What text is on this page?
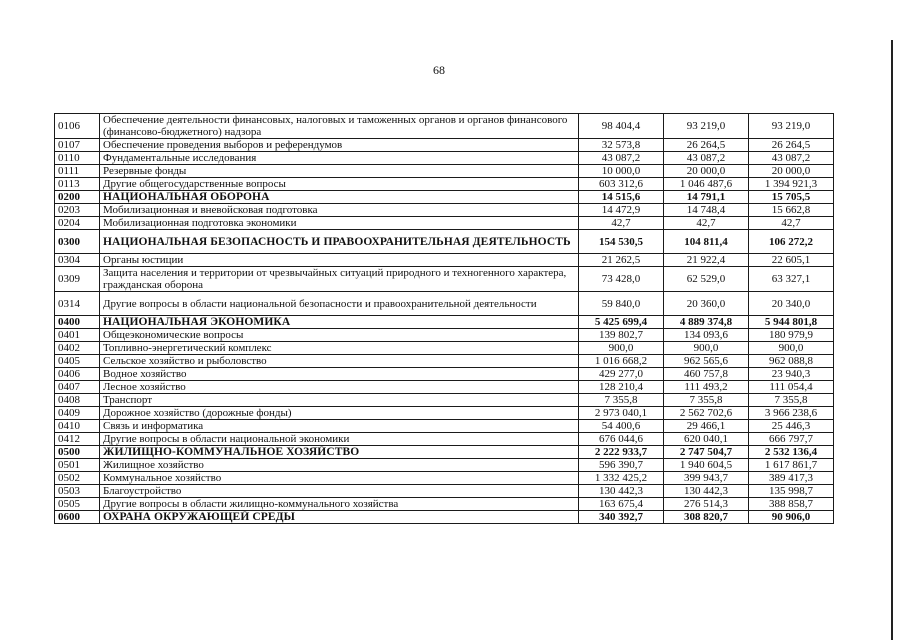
68
0106	Обеспечение деятельности финансовых, налоговых и таможенных органов и органов финансового (финансово-бюджетного) надзора	98 404,4	93 219,0	93 219,0
0107	Обеспечение проведения выборов и референдумов	32 573,8	26 264,5	26 264,5
0110	Фундаментальные исследования	43 087,2	43 087,2	43 087,2
0111	Резервные фонды	10 000,0	20 000,0	20 000,0
0113	Другие общегосударственные вопросы	603 312,6	1 046 487,6	1 394 921,3
0200	НАЦИОНАЛЬНАЯ ОБОРОНА	14 515,6	14 791,1	15 705,5
0203	Мобилизационная и вневойсковая подготовка	14 472,9	14 748,4	15 662,8
0204	Мобилизационная подготовка экономики	42,7	42,7	42,7
0300	НАЦИОНАЛЬНАЯ БЕЗОПАСНОСТЬ И ПРАВООХРАНИТЕЛЬНАЯ ДЕЯТЕЛЬНОСТЬ	154 530,5	104 811,4	106 272,2
0304	Органы юстиции	21 262,5	21 922,4	22 605,1
0309	Защита населения и территории от чрезвычайных ситуаций природного и техногенного характера, гражданская оборона	73 428,0	62 529,0	63 327,1
0314	Другие вопросы в области национальной безопасности и правоохранительной деятельности	59 840,0	20 360,0	20 340,0
0400	НАЦИОНАЛЬНАЯ ЭКОНОМИКА	5 425 699,4	4 889 374,8	5 944 801,8
0401	Общеэкономические вопросы	139 802,7	134 093,6	180 979,9
0402	Топливно-энергетический комплекс	900,0	900,0	900,0
0405	Сельское хозяйство и рыболовство	1 016 668,2	962 565,6	962 088,8
0406	Водное хозяйство	429 277,0	460 757,8	23 940,3
0407	Лесное хозяйство	128 210,4	111 493,2	111 054,4
0408	Транспорт	7 355,8	7 355,8	7 355,8
0409	Дорожное хозяйство (дорожные фонды)	2 973 040,1	2 562 702,6	3 966 238,6
0410	Связь и информатика	54 400,6	29 466,1	25 446,3
0412	Другие вопросы в области национальной экономики	676 044,6	620 040,1	666 797,7
0500	ЖИЛИЩНО-КОММУНАЛЬНОЕ ХОЗЯЙСТВО	2 222 933,7	2 747 504,7	2 532 136,4
0501	Жилищное хозяйство	596 390,7	1 940 604,5	1 617 861,7
0502	Коммунальное хозяйство	1 332 425,2	399 943,7	389 417,3
0503	Благоустройство	130 442,3	130 442,3	135 998,7
0505	Другие вопросы в области жилищно-коммунального хозяйства	163 675,4	276 514,3	388 858,7
0600	ОХРАНА ОКРУЖАЮЩЕЙ СРЕДЫ	340 392,7	308 820,7	90 906,0
